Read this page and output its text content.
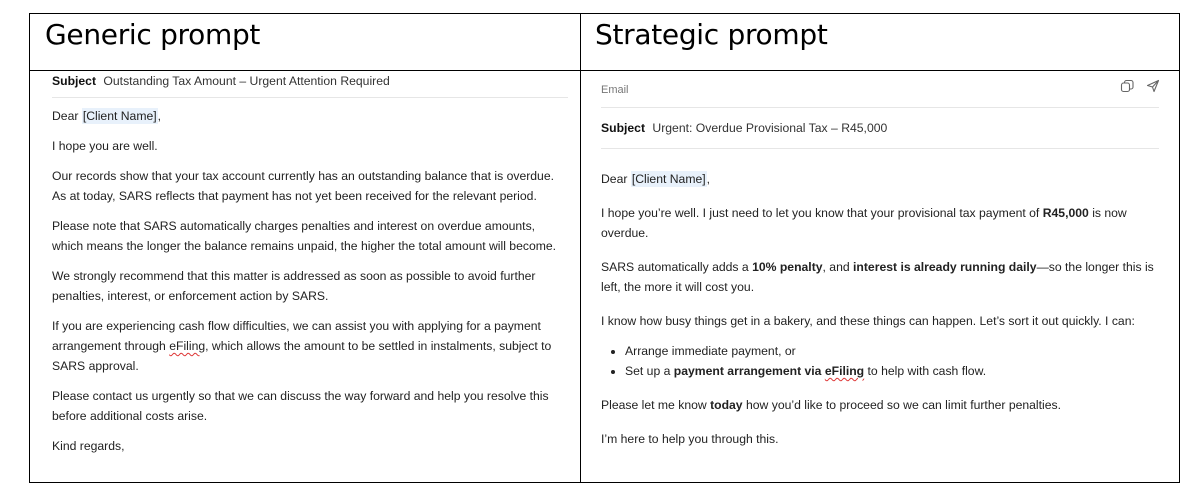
Generic prompt	Strategic prompt
Subject Outstanding Tax Amount – Urgent Attention Required

Dear [Client Name],

I hope you are well.

Our records show that your tax account currently has an outstanding balance that is overdue. As at today, SARS reflects that payment has not yet been received for the relevant period.

Please note that SARS automatically charges penalties and interest on overdue amounts, which means the longer the balance remains unpaid, the higher the total amount will become.

We strongly recommend that this matter is addressed as soon as possible to avoid further penalties, interest, or enforcement action by SARS.

If you are experiencing cash flow difficulties, we can assist you with applying for a payment arrangement through eFiling, which allows the amount to be settled in instalments, subject to SARS approval.

Please contact us urgently so that we can discuss the way forward and help you resolve this before additional costs arise.

Kind regards,

Email
Subject Urgent: Overdue Provisional Tax – R45,000

Dear [Client Name],

I hope you’re well. I just need to let you know that your provisional tax payment of R45,000 is now overdue.

SARS automatically adds a 10% penalty, and interest is already running daily—so the longer this is left, the more it will cost you.

I know how busy things get in a bakery, and these things can happen. Let’s sort it out quickly. I can:

• Arrange immediate payment, or
• Set up a payment arrangement via eFiling to help with cash flow.

Please let me know today how you’d like to proceed so we can limit further penalties.

I’m here to help you through this.
